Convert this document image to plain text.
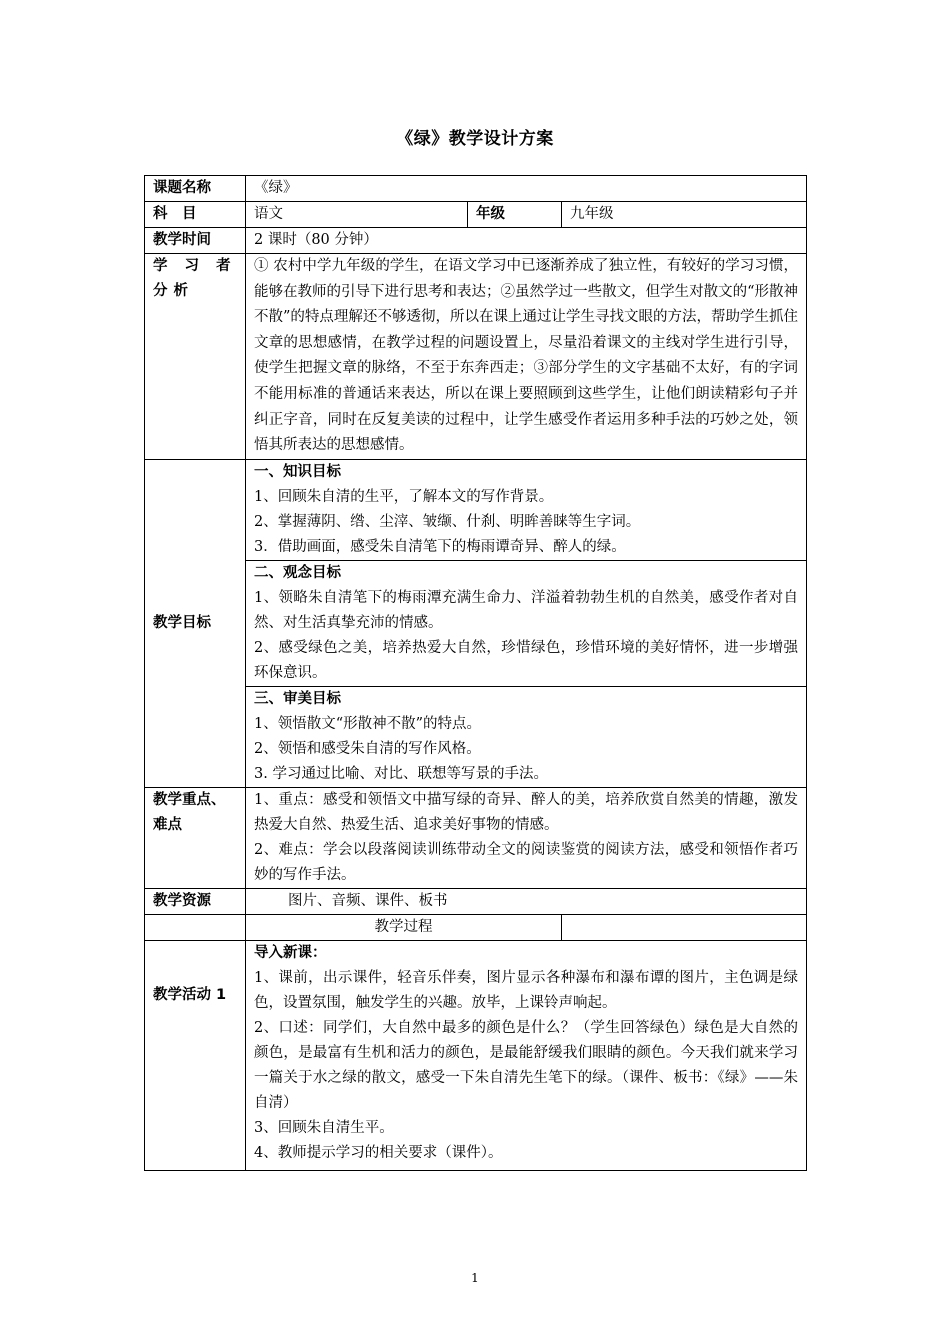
《绿》教学设计方案
课题名称	《绿》		
科　目	语文	年级	九年级
教学时间	2 课时（80 分钟）		
学 习 者 分析	① 农村中学九年级的学生，在语文学习中已逐渐养成了独立性，有较好的学习习惯，能够在教师的引导下进行思考和表达；②虽然学过一些散文，但学生对散文的“形散神不散”的特点理解还不够透彻，所以在课上通过让学生寻找文眼的方法，帮助学生抓住文章的思想感情，在教学过程的问题设置上，尽量沿着课文的主线对学生进行引导，使学生把握文章的脉络，不至于东奔西走；③部分学生的文字基础不太好，有的字词不能用标准的普通话来表达，所以在课上要照顾到这些学生，让他们朗读精彩句子并纠正字音，同时在反复美读的过程中，让学生感受作者运用多种手法的巧妙之处，领悟其所表达的思想感情。		
教学目标	一、知识目标
1、回顾朱自清的生平，了解本文的写作背景。
2、掌握薄阴、绺、尘滓、皱缬、什刹、明眸善睐等生字词。
3．借助画面，感受朱自清笔下的梅雨谭奇异、醉人的绿。		

	二、观念目标
1、领略朱自清笔下的梅雨潭充满生命力、洋溢着勃勃生机的自然美，感受作者对自然、对生活真挚充沛的情感。
2、感受绿色之美，培养热爱大自然，珍惜绿色，珍惜环境的美好情怀，进一步增强环保意识。		

	三、审美目标
1、领悟散文“形散神不散”的特点。
2、领悟和感受朱自清的写作风格。
3. 学习通过比喻、对比、联想等写景的手法。		

教学重点、难点	1、重点：感受和领悟文中描写绿的奇异、醉人的美，培养欣赏自然美的情趣，激发热爱大自然、热爱生活、追求美好事物的情感。
2、难点：学会以段落阅读训练带动全文的阅读鉴赏的阅读方法，感受和领悟作者巧妙的写作手法。		

教学资源	图片、音频、课件、板书		

	教学过程		
教学活动 1	导入新课：
1、课前，出示课件，轻音乐伴奏，图片显示各种瀑布和瀑布谭的图片，主色调是绿色，设置氛围，触发学生的兴趣。放毕，上课铃声响起。
2、口述：同学们，大自然中最多的颜色是什么？（学生回答绿色）绿色是大自然的颜色，是最富有生机和活力的颜色，是最能舒缓我们眼睛的颜色。今天我们就来学习一篇关于水之绿的散文，感受一下朱自清先生笔下的绿。（课件、板书：《绿》——朱自清）
3、回顾朱自清生平。
4、教师提示学习的相关要求（课件）。		
1
